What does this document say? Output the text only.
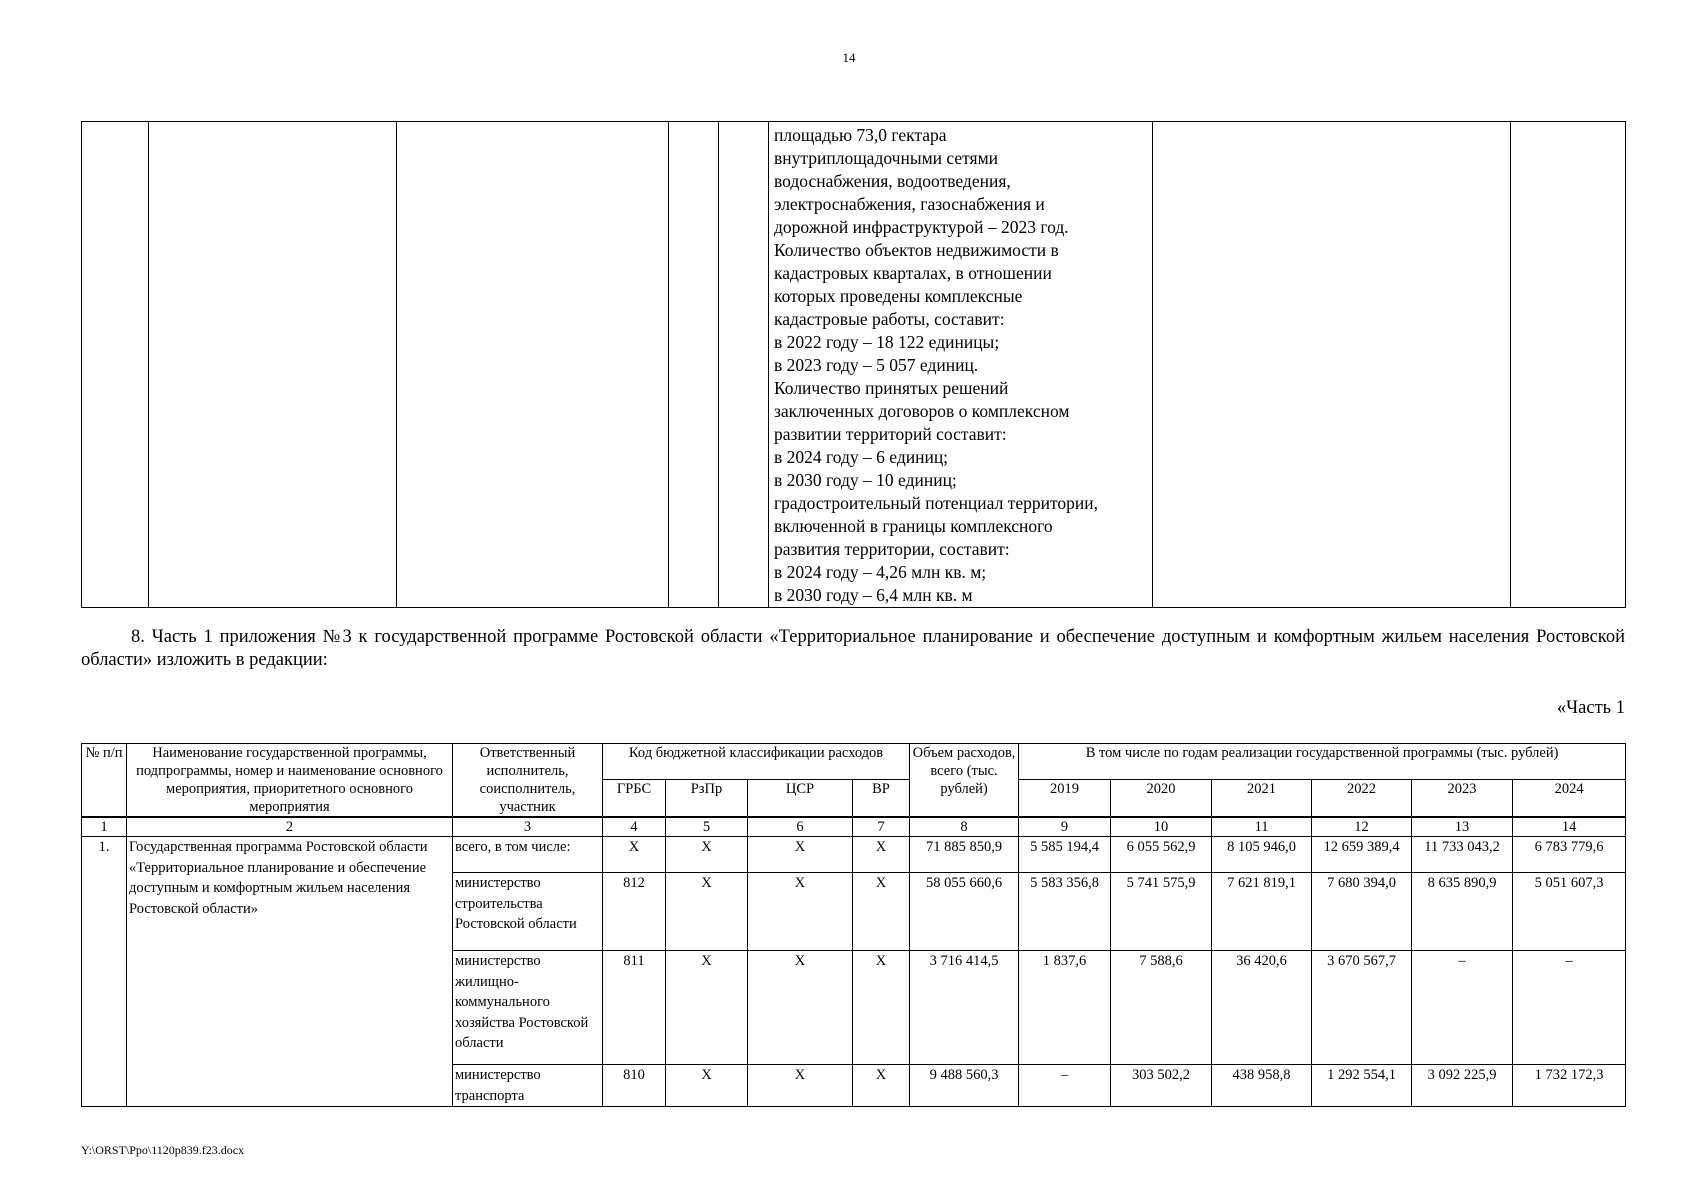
14

площадью 73,0 гектара
внутриплощадочными сетями
водоснабжения, водоотведения,
электроснабжения, газоснабжения и
дорожной инфраструктурой – 2023 год.
Количество объектов недвижимости в
кадастровых кварталах, в отношении
которых проведены комплексные
кадастровые работы, составит:
в 2022 году – 18 122 единицы;
в 2023 году – 5 057 единиц.
Количество принятых решений
заключенных договоров о комплексном
развитии территорий составит:
в 2024 году – 6 единиц;
в 2030 году – 10 единиц;
градостроительный потенциал территории,
включенной в границы комплексного
развития территории, составит:
в 2024 году – 4,26 млн кв. м;
в 2030 году – 6,4 млн кв. м

8. Часть 1 приложения №3 к государственной программе Ростовской области «Территориальное планирование и обеспечение доступным и комфортным жильем населения Ростовской области» изложить в редакции:
«Часть 1
№ п/п	Наименование государственной программы, подпрограммы, номер и наименование основного мероприятия, приоритетного основного мероприятия	Ответственный исполнитель, соисполнитель, участник	Код бюджетной классификации расходов				Объем расходов, всего (тыс. рублей)	В том числе по годам реализации государственной программы (тыс. рублей)					
			ГРБС	РзПр	ЦСР	ВР		2019	2020	2021	2022	2023	2024
1	2	3	4	5	6	7	8	9	10	11	12	13	14
1.	Государственная программа Ростовской области «Территориальное планирование и обеспечение доступным и комфортным жильем населения Ростовской области»	всего, в том числе:	Х	Х	Х	Х	71 885 850,9	5 585 194,4	6 055 562,9	8 105 946,0	12 659 389,4	11 733 043,2	6 783 779,6
		министерство строительства Ростовской области	812	Х	Х	Х	58 055 660,6	5 583 356,8	5 741 575,9	7 621 819,1	7 680 394,0	8 635 890,9	5 051 607,3
		министерство жилищно-коммунального хозяйства Ростовской области	811	Х	Х	Х	3 716 414,5	1 837,6	7 588,6	36 420,6	3 670 567,7	–	–
		министерство транспорта	810	Х	Х	Х	9 488 560,3	–	303 502,2	438 958,8	1 292 554,1	3 092 225,9	1 732 172,3
Y:\ORST\Ppo\1120p839.f23.docx
